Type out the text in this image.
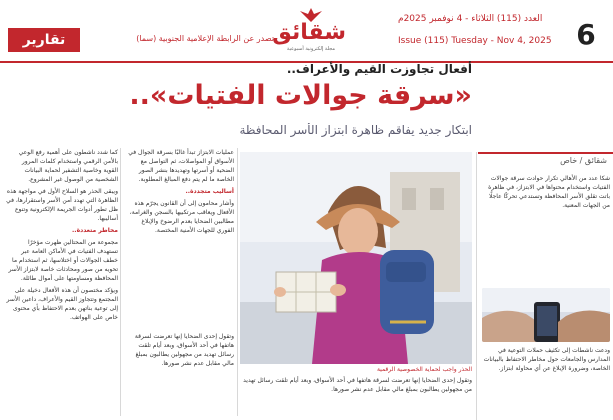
6
العدد (115) الثلاثاء - 4 نوفمبر 2025م
Issue (115) Tuesday - Nov 4, 2025
شقائق
مجلة إلكترونية أسبوعية
تصدر عن الرابطة الإعلامية الجنوبية (سما)
تقارير
أفعال تجاوزت القيم والأعراف..
«سرقة جوالات الفتيات»..
ابتكار جديد يفاقم ظاهرة ابتزاز الأسر المحافظة
شقائق / خاص
شكا عدد من الأهالي تكرار حوادث سرقة جوالات الفتيات واستخدام محتواها في الابتزاز، في ظاهرة باتت تقلق الأسر المحافظة وتستدعي تحركًا عاجلًا من الجهات المعنية.
ودعت ناشطات إلى تكثيف حملات التوعية في المدارس والجامعات حول مخاطر الاحتفاظ بالبيانات الخاصة، وضرورة الإبلاغ عن أي محاولة ابتزاز.
الحذر واجب لحماية الخصوصية الرقمية

عمليات الابتزاز تبدأ غالبًا بسرقة الجوال في الأسواق أو المواصلات، ثم التواصل مع الضحية أو أسرتها وتهديدها بنشر الصور الخاصة ما لم يتم دفع المبالغ المطلوبة.

أساليب متجددة..

وأشار محامون إلى أن القانون يجرّم هذه الأفعال ويعاقب مرتكبيها بالسجن والغرامة، مطالبين الضحايا بعدم الرضوخ والإبلاغ الفوري للجهات الأمنية المختصة.

كما شدد ناشطون على أهمية رفع الوعي بالأمن الرقمي واستخدام كلمات المرور القوية وخاصية التشفير لحماية البيانات الشخصية من الوصول غير المشروع.

ويبقى الحذر هو السلاح الأول في مواجهة هذه الظاهرة التي تهدد أمن الأسر واستقرارها، في ظل تطور أدوات الجريمة الإلكترونية وتنوع أساليبها.

مخاطر متعددة..

مجموعة من المحتالين ظهرت مؤخرًا تستهدف الفتيات في الأماكن العامة عبر خطف الجوالات أو اختلاسها، ثم استخدام ما تحويه من صور ومحادثات خاصة لابتزاز الأسر المحافظة ومساومتها على أموال طائلة.

ويؤكد مختصون أن هذه الأفعال دخيلة على المجتمع وتتجاوز القيم والأعراف، داعين الأسر إلى توعية بناتهن بعدم الاحتفاظ بأي محتوى خاص على الهواتف.

وتقول إحدى الضحايا إنها تعرضت لسرقة هاتفها في أحد الأسواق، وبعد أيام تلقت رسائل تهديد من مجهولين يطالبون بمبلغ مالي مقابل عدم نشر صورها.

وتقول إحدى الضحايا إنها تعرضت لسرقة هاتفها في أحد الأسواق، وبعد أيام تلقت رسائل تهديد من مجهولين يطالبون بمبلغ مالي مقابل عدم نشر صورها.
